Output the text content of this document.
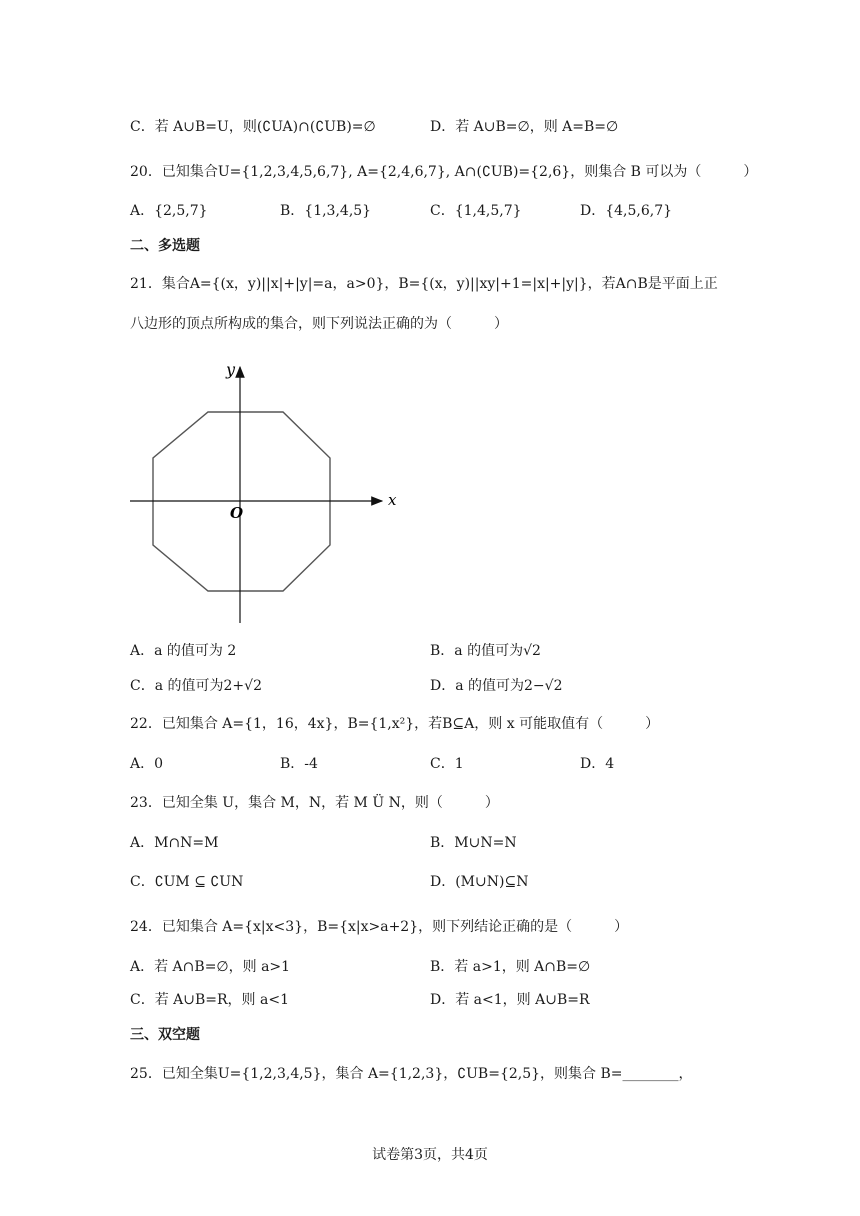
C．若 A∪B=U，则(∁UA)∩(∁UB)=∅	D．若 A∪B=∅，则 A=B=∅
20．已知集合U={1,2,3,4,5,6,7}, A={2,4,6,7}, A∩(∁UB)={2,6}，则集合 B 可以为（　　　）
A．{2,5,7}	B．{1,3,4,5}	C．{1,4,5,7}	D．{4,5,6,7}
二、多选题
21．集合A={(x，y)||x|+|y|=a，a>0}，B={(x，y)||xy|+1=|x|+|y|}，若A∩B是平面上正
八边形的顶点所构成的集合，则下列说法正确的为（　　　）
y
x
O
A．a 的值可为 2	B．a 的值可为√2
C．a 的值可为2+√2	D．a 的值可为2−√2
22．已知集合 A={1，16，4x}，B={1,x²}，若B⊆A，则 x 可能取值有（　　　）
A．0	B．-4	C．1	D．4
23．已知全集 U，集合 M，N，若 M Ü N，则（　　　）
A．M∩N=M	B．M∪N=N
C．∁UM ⊆ ∁UN	D．(M∪N)⊆N
24．已知集合 A={x|x<3}，B={x|x>a+2}，则下列结论正确的是（　　　）
A．若 A∩B=∅，则 a>1	B．若 a>1，则 A∩B=∅
C．若 A∪B=R，则 a<1	D．若 a<1，则 A∪B=R
三、双空题
25．已知全集U={1,2,3,4,5}，集合 A={1,2,3}，∁UB={2,5}，则集合 B=________，
试卷第3页，共4页
